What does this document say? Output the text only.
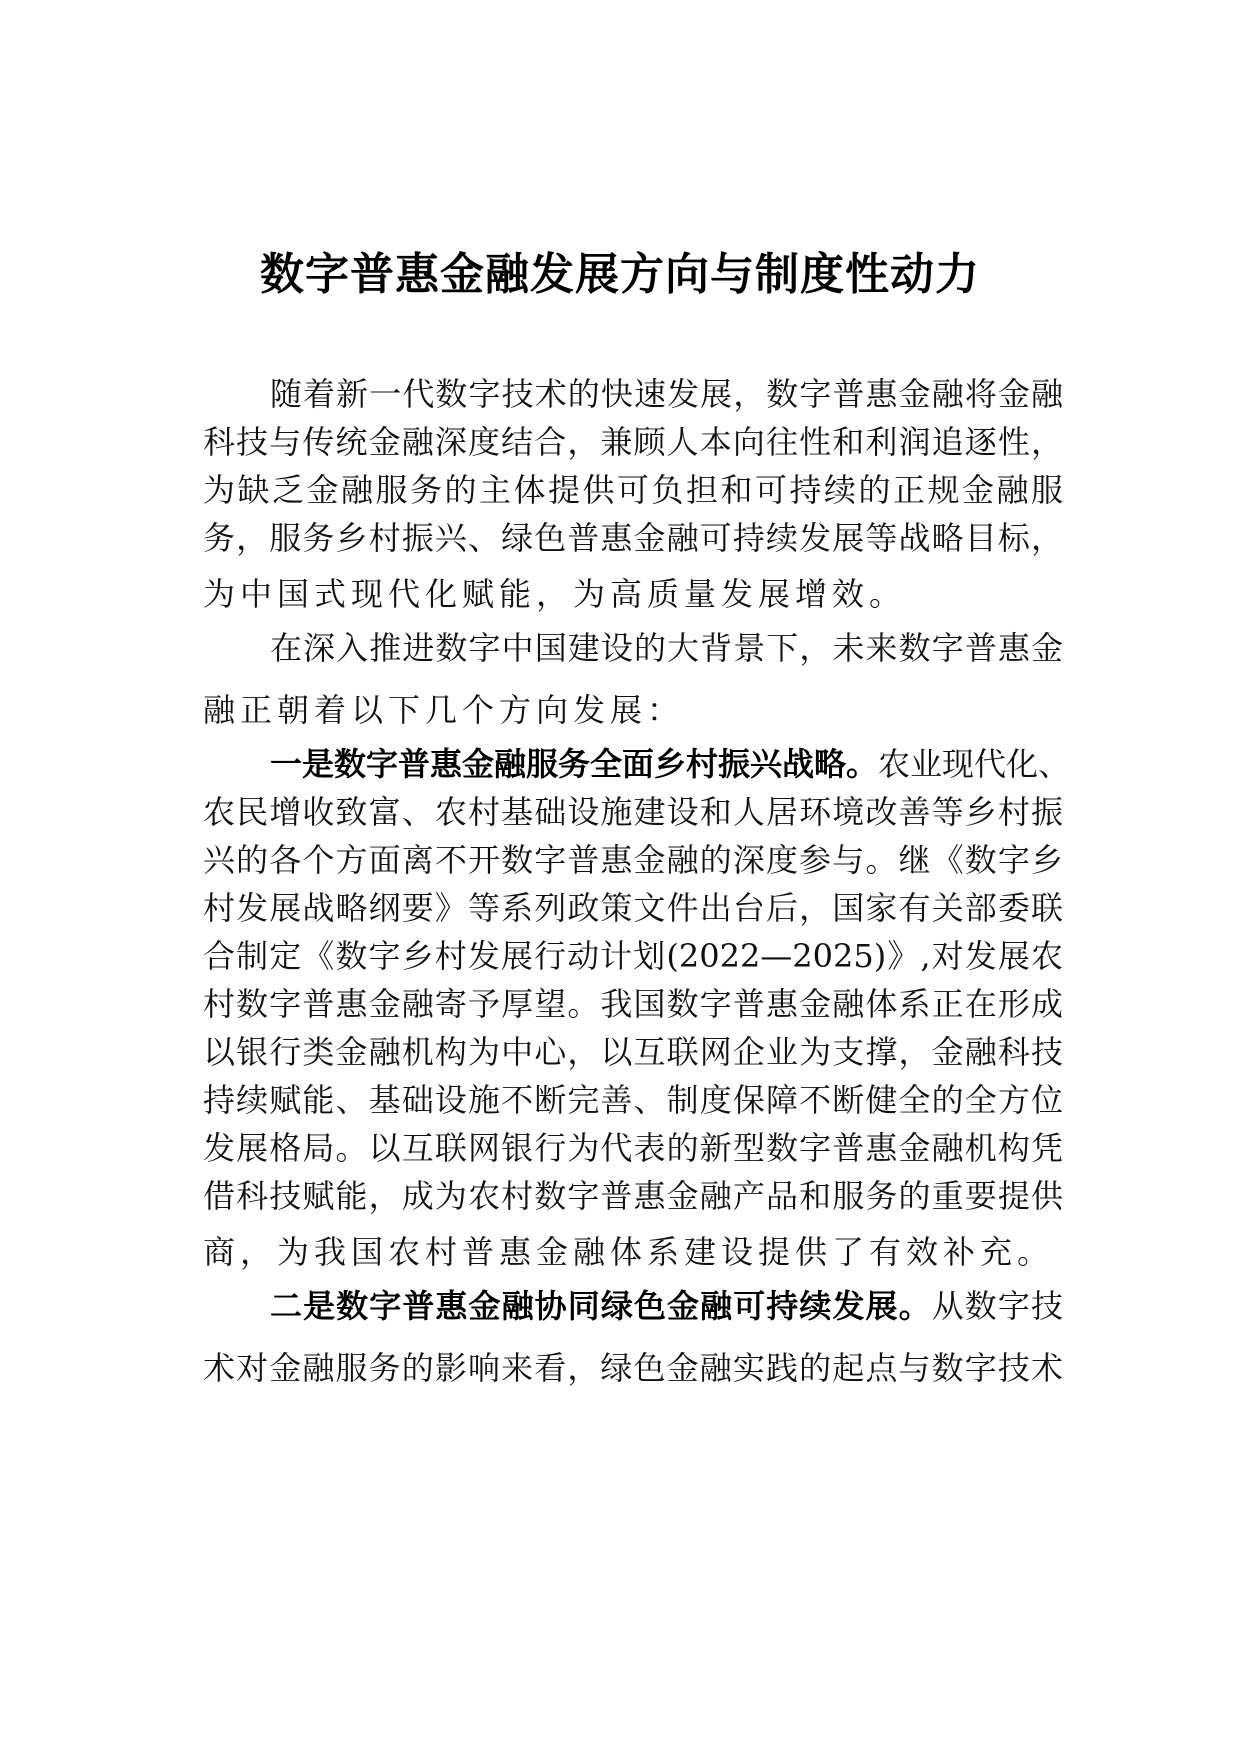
数字普惠金融发展方向与制度性动力
随着新一代数字技术的快速发展，数字普惠金融将金融
科技与传统金融深度结合，兼顾人本向往性和利润追逐性，
为缺乏金融服务的主体提供可负担和可持续的正规金融服
务，服务乡村振兴、绿色普惠金融可持续发展等战略目标，
为中国式现代化赋能，为高质量发展增效。
在深入推进数字中国建设的大背景下，未来数字普惠金
融正朝着以下几个方向发展：
一是数字普惠金融服务全面乡村振兴战略。农业现代化、
农民增收致富、农村基础设施建设和人居环境改善等乡村振
兴的各个方面离不开数字普惠金融的深度参与。继《数字乡
村发展战略纲要》等系列政策文件出台后，国家有关部委联
合制定《数字乡村发展行动计划(2022—2025)》,对发展农
村数字普惠金融寄予厚望。我国数字普惠金融体系正在形成
以银行类金融机构为中心，以互联网企业为支撑，金融科技
持续赋能、基础设施不断完善、制度保障不断健全的全方位
发展格局。以互联网银行为代表的新型数字普惠金融机构凭
借科技赋能，成为农村数字普惠金融产品和服务的重要提供
商，为我国农村普惠金融体系建设提供了有效补充。
二是数字普惠金融协同绿色金融可持续发展。从数字技
术对金融服务的影响来看，绿色金融实践的起点与数字技术
